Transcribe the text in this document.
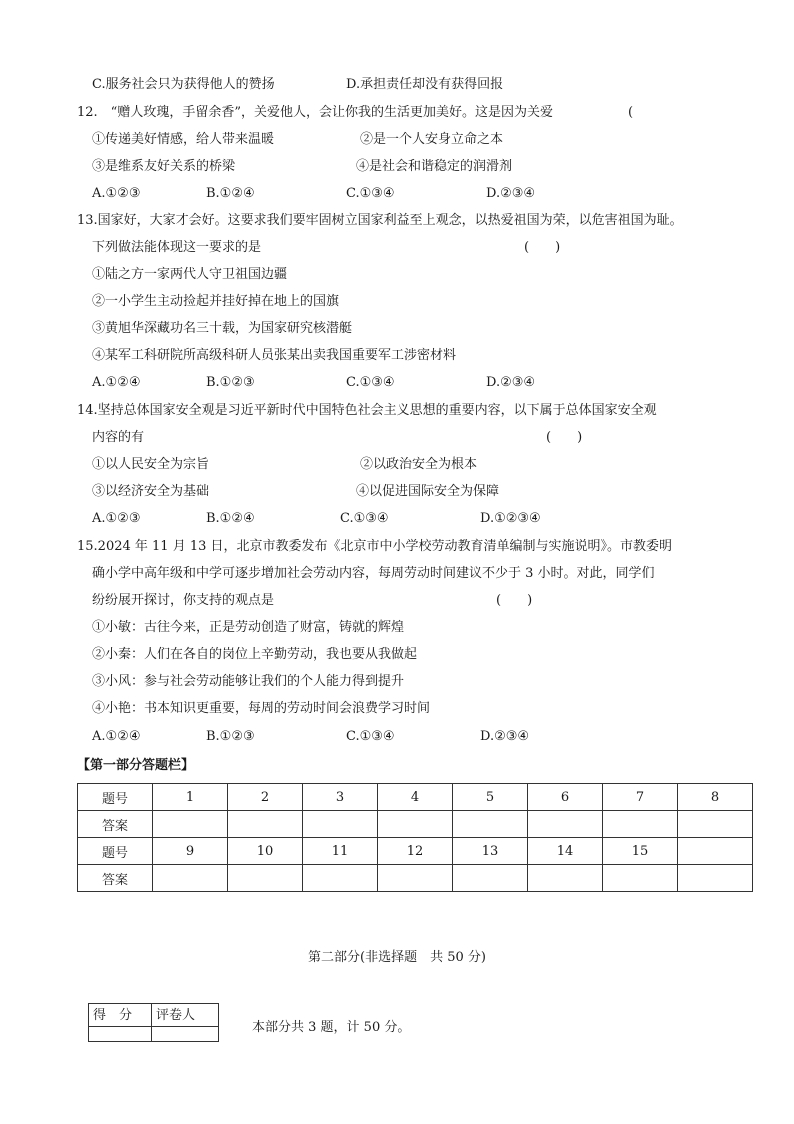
C.服务社会只为获得他人的赞扬	D.承担责任却没有获得回报
12.　“赠人玫瑰，手留余香”，关爱他人，会让你我的生活更加美好。这是因为关爱	(
①传递美好情感，给人带来温暖	②是一个人安身立命之本
③是维系友好关系的桥梁	④是社会和谐稳定的润滑剂
A.①②③	B.①②④	C.①③④	D.②③④
13.国家好，大家才会好。这要求我们要牢固树立国家利益至上观念，以热爱祖国为荣，以危害祖国为耻。
下列做法能体现这一要求的是	(　　)
①陆之方一家两代人守卫祖国边疆
②一小学生主动捡起并挂好掉在地上的国旗
③黄旭华深藏功名三十载，为国家研究核潜艇
④某军工科研院所高级科研人员张某出卖我国重要军工涉密材料
A.①②④	B.①②③	C.①③④	D.②③④
14.坚持总体国家安全观是习近平新时代中国特色社会主义思想的重要内容，以下属于总体国家安全观
内容的有	(　　)
①以人民安全为宗旨	②以政治安全为根本
③以经济安全为基础	④以促进国际安全为保障
A.①②③	B.①②④	C.①③④	D.①②③④
15.2024 年 11 月 13 日，北京市教委发布《北京市中小学校劳动教育清单编制与实施说明》。市教委明
确小学中高年级和中学可逐步增加社会劳动内容，每周劳动时间建议不少于 3 小时。对此，同学们
纷纷展开探讨，你支持的观点是	(　　)
①小敏：古往今来，正是劳动创造了财富，铸就的辉煌
②小秦：人们在各自的岗位上辛勤劳动，我也要从我做起
③小风：参与社会劳动能够让我们的个人能力得到提升
④小艳：书本知识更重要，每周的劳动时间会浪费学习时间
A.①②④	B.①②③	C.①③④	D.②③④
【第一部分答题栏】
题号	1	2	3	4	5	6	7	8
答案								
题号	9	10	11	12	13	14	15	
答案								
第二部分(非选择题　共 50 分)
得　分	评卷人

本部分共 3 题，计 50 分。
